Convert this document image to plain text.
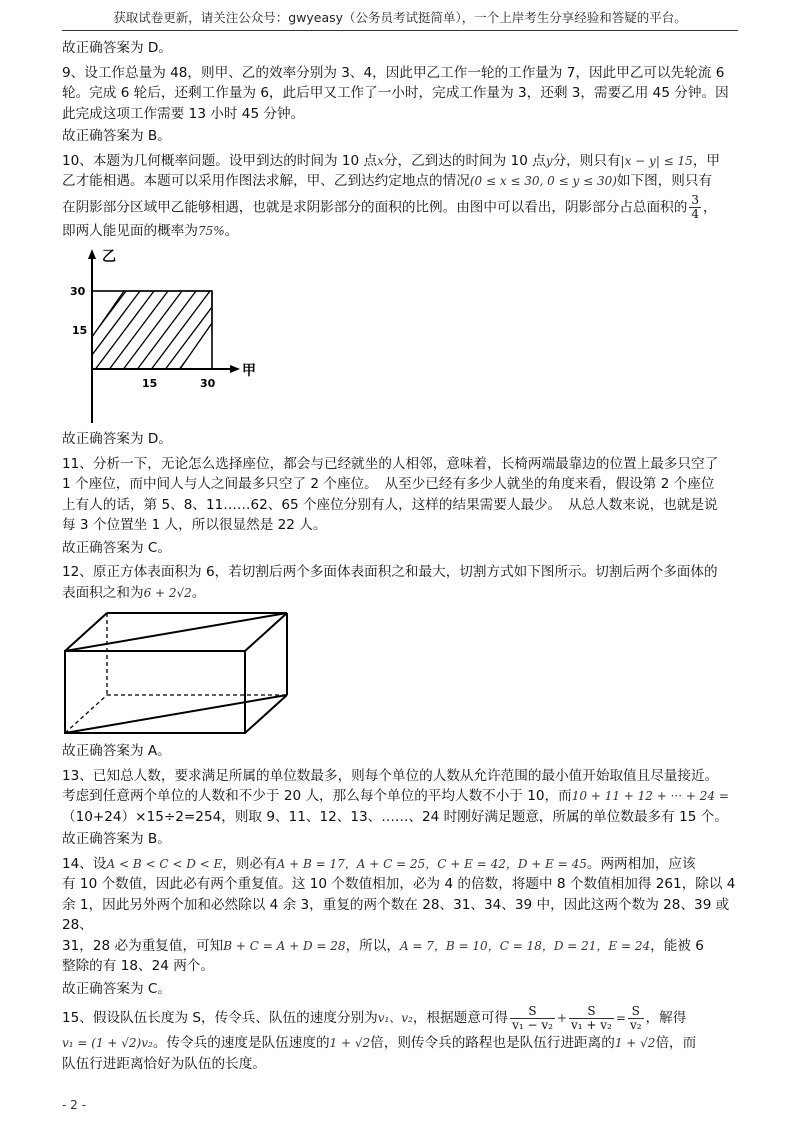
获取试卷更新，请关注公众号：gwyeasy（公务员考试挺简单），一个上岸考生分享经验和答疑的平台。

故正确答案为 D。

9、设工作总量为 48，则甲、乙的效率分别为 3、4，因此甲乙工作一轮的工作量为 7，因此甲乙可以先轮流 6

轮。完成 6 轮后，还剩工作量为 6，此后甲又工作了一小时，完成工作量为 3，还剩 3，需要乙用 45 分钟。因

此完成这项工作需要 13 小时 45 分钟。

故正确答案为 B。

10、本题为几何概率问题。设甲到达的时间为 10 点x分，乙到达的时间为 10 点y分，则只有|x − y| ≤ 15，甲

乙才能相遇。本题可以采用作图法求解，甲、乙到达约定地点的情况(0 ≤ x ≤ 30, 0 ≤ y ≤ 30)如下图，则只有

在阴影部分区域甲乙能够相遇，也就是求阴影部分的面积的比例。由图中可以看出，阴影部分占总面积的 $\frac{3}{4}$ ，

即两人能见面的概率为75%。

乙
甲
30
15
15	30

故正确答案为 D。

11、分析一下，无论怎么选择座位，都会与已经就坐的人相邻，意味着，长椅两端最靠边的位置上最多只空了

1 个座位，而中间人与人之间最多只空了 2 个座位。　从至少已经有多少人就坐的角度来看，假设第 2 个座位

上有人的话，第 5、8、11……62、65 个座位分别有人，这样的结果需要人最少。　从总人数来说，也就是说

每 3 个位置坐 1 人，所以很显然是 22 人。

故正确答案为 C。

12、原正方体表面积为 6，若切割后两个多面体表面积之和最大，切割方式如下图所示。切割后两个多面体的

表面积之和为6 + 2√2。

故正确答案为 A。

13、已知总人数，要求满足所属的单位数最多，则每个单位的人数从允许范围的最小值开始取值且尽量接近。

考虑到任意两个单位的人数和不少于 20 人，那么每个单位的平均人数不小于 10，而10 + 11 + 12 + ··· + 24 =

（10+24）×15÷2=254，则取 9、11、12、13、……、24 时刚好满足题意，所属的单位数最多有 15 个。

故正确答案为 B。

14、设A < B < C < D < E，则必有A + B = 17，A + C = 25，C + E = 42，D + E = 45。两两相加，应该

有 10 个数值，因此必有两个重复值。这 10 个数值相加，必为 4 的倍数，将题中 8 个数值相加得 261，除以 4

余 1，因此另外两个加和必然除以 4 余 3，重复的两个数在 28、31、34、39 中，因此这两个数为 28、39 或 28、

31，28 必为重复值，可知B + C = A + D = 28，所以，A = 7，B = 10，C = 18，D = 21，E = 24，能被 6

整除的有 18、24 两个。

故正确答案为 C。

15、假设队伍长度为 S，传令兵、队伍的速度分别为v₁、v₂，根据题意可得 $\frac{S}{\text{v₁ − v₂}} + \frac{S}{\text{v₁ + v₂}} = \frac{S}{\text{v₂}}$ ，解得

v₁ = (1 + √2)v₂。传令兵的速度是队伍速度的1 + √2倍，则传令兵的路程也是队伍行进距离的1 + √2倍，而

队伍行进距离恰好为队伍的长度。

- 2 -
